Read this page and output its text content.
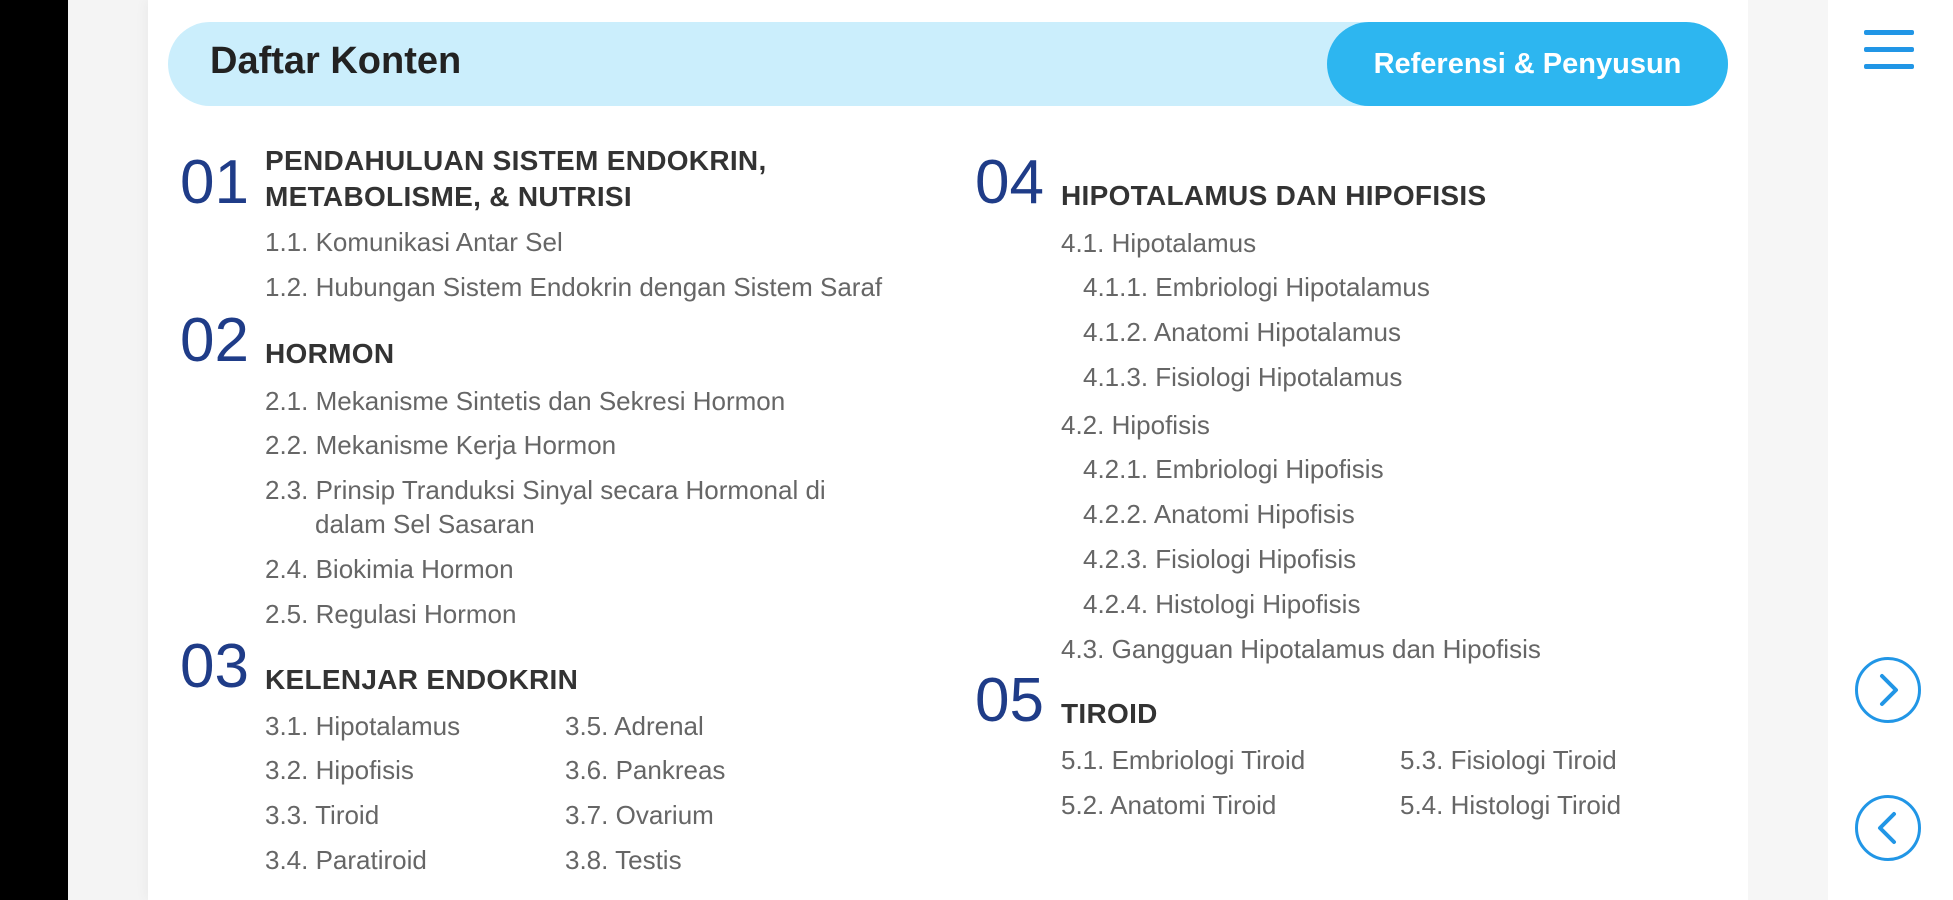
Daftar Konten	Referensi & Penyusun
01 PENDAHULUAN SISTEM ENDOKRIN, METABOLISME, & NUTRISI
1.1. Komunikasi Antar Sel
1.2. Hubungan Sistem Endokrin dengan Sistem Saraf
02 HORMON
2.1. Mekanisme Sintetis dan Sekresi Hormon
2.2. Mekanisme Kerja Hormon
2.3. Prinsip Tranduksi Sinyal secara Hormonal di dalam Sel Sasaran
2.4. Biokimia Hormon
2.5. Regulasi Hormon
03 KELENJAR ENDOKRIN
3.1. Hipotalamus
3.2. Hipofisis
3.3. Tiroid
3.4. Paratiroid
3.5. Adrenal
3.6. Pankreas
3.7. Ovarium
3.8. Testis
04 HIPOTALAMUS DAN HIPOFISIS
4.1. Hipotalamus
4.1.1. Embriologi Hipotalamus
4.1.2. Anatomi Hipotalamus
4.1.3. Fisiologi Hipotalamus
4.2. Hipofisis
4.2.1. Embriologi Hipofisis
4.2.2. Anatomi Hipofisis
4.2.3. Fisiologi Hipofisis
4.2.4. Histologi Hipofisis
4.3. Gangguan Hipotalamus dan Hipofisis
05 TIROID
5.1. Embriologi Tiroid
5.2. Anatomi Tiroid
5.3. Fisiologi Tiroid
5.4. Histologi Tiroid
